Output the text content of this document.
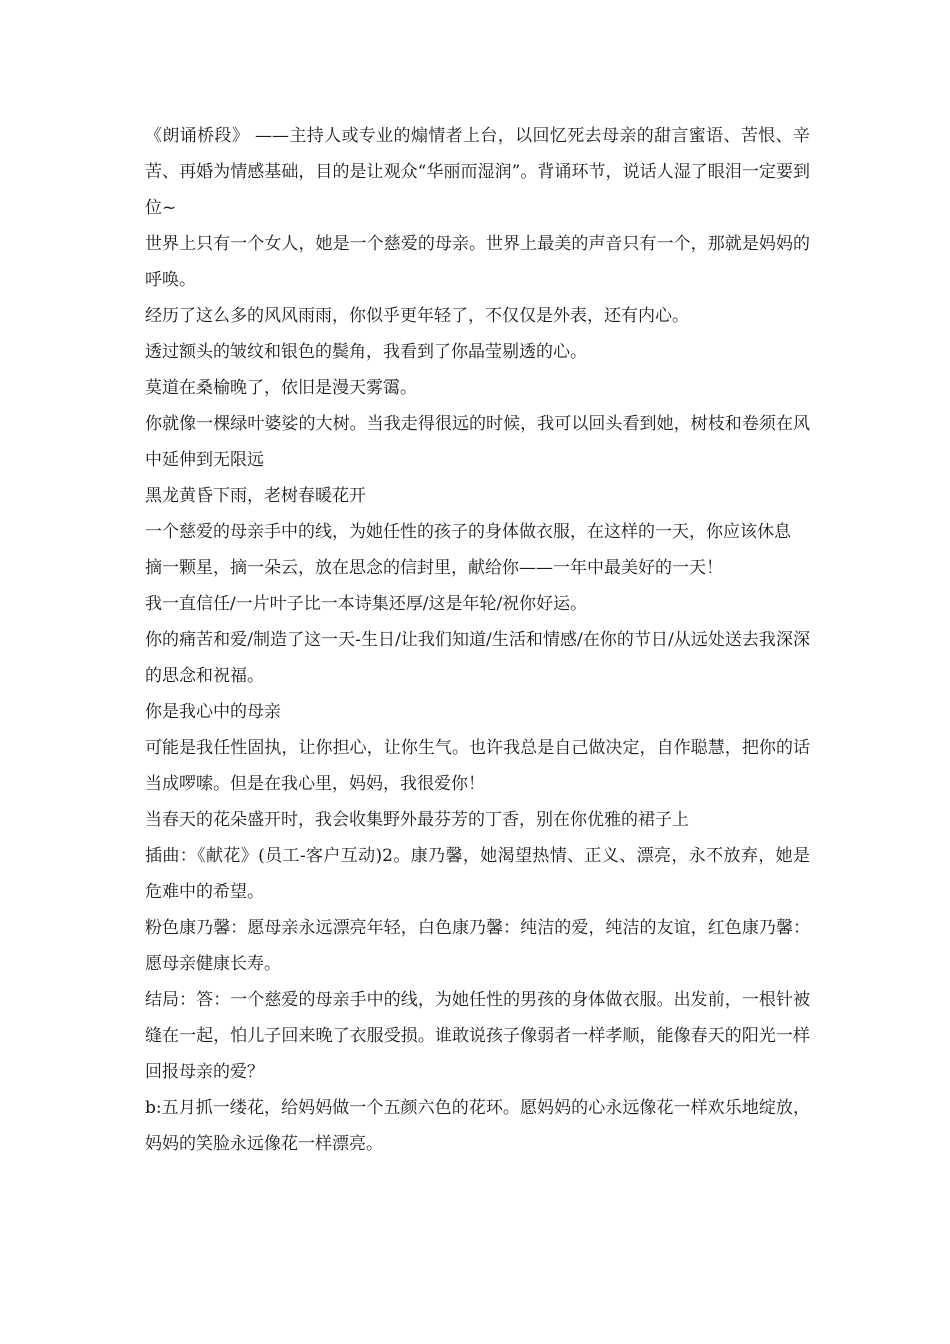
《朗诵桥段》 ——主持人或专业的煽情者上台，以回忆死去母亲的甜言蜜语、苦恨、辛苦、再婚为情感基础，目的是让观众“华丽而湿润”。背诵环节，说话人湿了眼泪一定要到位~

世界上只有一个女人，她是一个慈爱的母亲。世界上最美的声音只有一个，那就是妈妈的呼唤。

经历了这么多的风风雨雨，你似乎更年轻了，不仅仅是外表，还有内心。

透过额头的皱纹和银色的鬓角，我看到了你晶莹剔透的心。

莫道在桑榆晚了，依旧是漫天雾霭。

你就像一棵绿叶婆娑的大树。当我走得很远的时候，我可以回头看到她，树枝和卷须在风中延伸到无限远

黑龙黄昏下雨，老树春暖花开

一个慈爱的母亲手中的线，为她任性的孩子的身体做衣服，在这样的一天，你应该休息

摘一颗星，摘一朵云，放在思念的信封里，献给你——一年中最美好的一天！

我一直信任/一片叶子比一本诗集还厚/这是年轮/祝你好运。

你的痛苦和爱/制造了这一天-生日/让我们知道/生活和情感/在你的节日/从远处送去我深深的思念和祝福。

你是我心中的母亲

可能是我任性固执，让你担心，让你生气。也许我总是自己做决定，自作聪慧，把你的话当成啰嗦。但是在我心里，妈妈，我很爱你！

当春天的花朵盛开时，我会收集野外最芬芳的丁香，别在你优雅的裙子上

插曲：《献花》(员工-客户互动)2。康乃馨，她渴望热情、正义、漂亮，永不放弃，她是危难中的希望。

粉色康乃馨：愿母亲永远漂亮年轻，白色康乃馨：纯洁的爱，纯洁的友谊，红色康乃馨：愿母亲健康长寿。

结局：答：一个慈爱的母亲手中的线，为她任性的男孩的身体做衣服。出发前，一根针被缝在一起，怕儿子回来晚了衣服受损。谁敢说孩子像弱者一样孝顺，能像春天的阳光一样回报母亲的爱？

b:五月抓一缕花，给妈妈做一个五颜六色的花环。愿妈妈的心永远像花一样欢乐地绽放，妈妈的笑脸永远像花一样漂亮。
